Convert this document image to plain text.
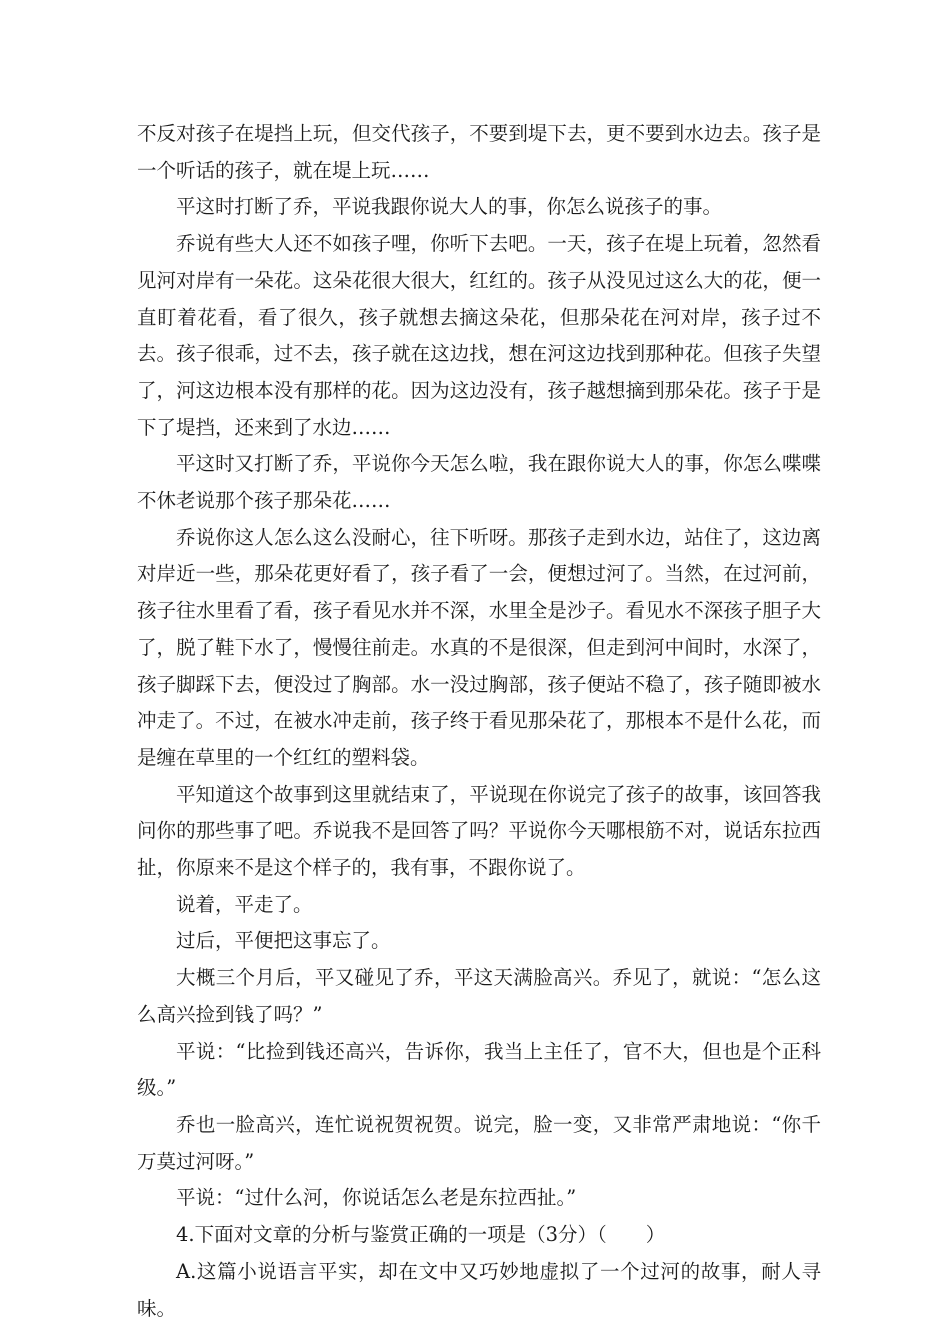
不反对孩子在堤挡上玩，但交代孩子，不要到堤下去，更不要到水边去。孩子是一个听话的孩子，就在堤上玩……

平这时打断了乔，平说我跟你说大人的事，你怎么说孩子的事。

乔说有些大人还不如孩子哩，你听下去吧。一天，孩子在堤上玩着，忽然看见河对岸有一朵花。这朵花很大很大，红红的。孩子从没见过这么大的花，便一直盯着花看，看了很久，孩子就想去摘这朵花，但那朵花在河对岸，孩子过不去。孩子很乖，过不去，孩子就在这边找，想在河这边找到那种花。但孩子失望了，河这边根本没有那样的花。因为这边没有，孩子越想摘到那朵花。孩子于是下了堤挡，还来到了水边……

平这时又打断了乔，平说你今天怎么啦，我在跟你说大人的事，你怎么喋喋不休老说那个孩子那朵花……

乔说你这人怎么这么没耐心，往下听呀。那孩子走到水边，站住了，这边离对岸近一些，那朵花更好看了，孩子看了一会，便想过河了。当然，在过河前，孩子往水里看了看，孩子看见水并不深，水里全是沙子。看见水不深孩子胆子大了，脱了鞋下水了，慢慢往前走。水真的不是很深，但走到河中间时，水深了，孩子脚踩下去，便没过了胸部。水一没过胸部，孩子便站不稳了，孩子随即被水冲走了。不过，在被水冲走前，孩子终于看见那朵花了，那根本不是什么花，而是缠在草里的一个红红的塑料袋。

平知道这个故事到这里就结束了，平说现在你说完了孩子的故事，该回答我问你的那些事了吧。乔说我不是回答了吗？平说你今天哪根筋不对，说话东拉西扯，你原来不是这个样子的，我有事，不跟你说了。

说着，平走了。

过后，平便把这事忘了。

大概三个月后，平又碰见了乔，平这天满脸高兴。乔见了，就说：“怎么这么高兴捡到钱了吗？”

平说：“比捡到钱还高兴，告诉你，我当上主任了，官不大，但也是个正科级。”

乔也一脸高兴，连忙说祝贺祝贺。说完，脸一变，又非常严肃地说：“你千万莫过河呀。”

平说：“过什么河，你说话怎么老是东拉西扯。”

4.下面对文章的分析与鉴赏正确的一项是（3分）（　　）

A.这篇小说语言平实，却在文中又巧妙地虚拟了一个过河的故事，耐人寻味。
